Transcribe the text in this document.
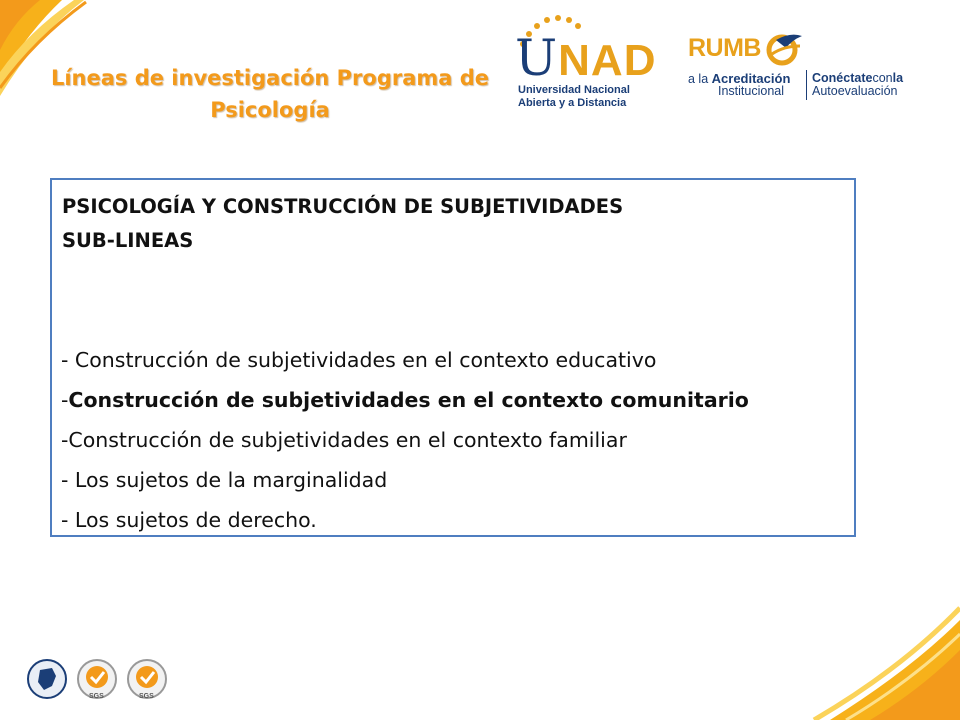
Líneas de investigación Programa de
Psicología
UNAD
Universidad Nacional
Abierta y a Distancia
RUMB
a la Acreditación
Institucional
Conéctateconla
Autoevaluación
PSICOLOGÍA Y CONSTRUCCIÓN DE SUBJETIVIDADES
SUB-LINEAS
- Construcción de subjetividades en el contexto educativo
-Construcción de subjetividades en el contexto comunitario
-Construcción de subjetividades en el contexto familiar
- Los sujetos de la marginalidad
- Los sujetos de derecho.
SGS	SGS
